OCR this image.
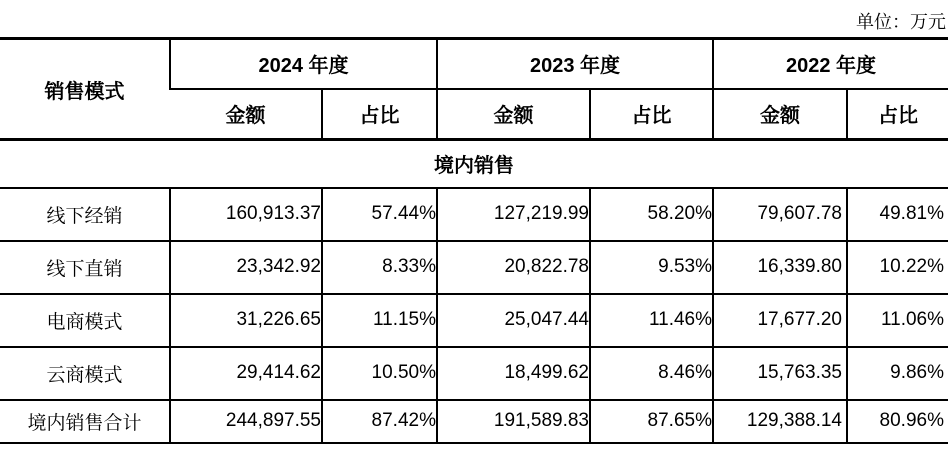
单位：万元
销售模式	2024 年度		2023 年度		2022 年度	
	金额	占比	金额	占比	金额	占比
境内销售						
线下经销	160,913.37	57.44%	127,219.99	58.20%	79,607.78	49.81%
线下直销	23,342.92	8.33%	20,822.78	9.53%	16,339.80	10.22%
电商模式	31,226.65	11.15%	25,047.44	11.46%	17,677.20	11.06%
云商模式	29,414.62	10.50%	18,499.62	8.46%	15,763.35	9.86%
境内销售合计	244,897.55	87.42%	191,589.83	87.65%	129,388.14	80.96%
